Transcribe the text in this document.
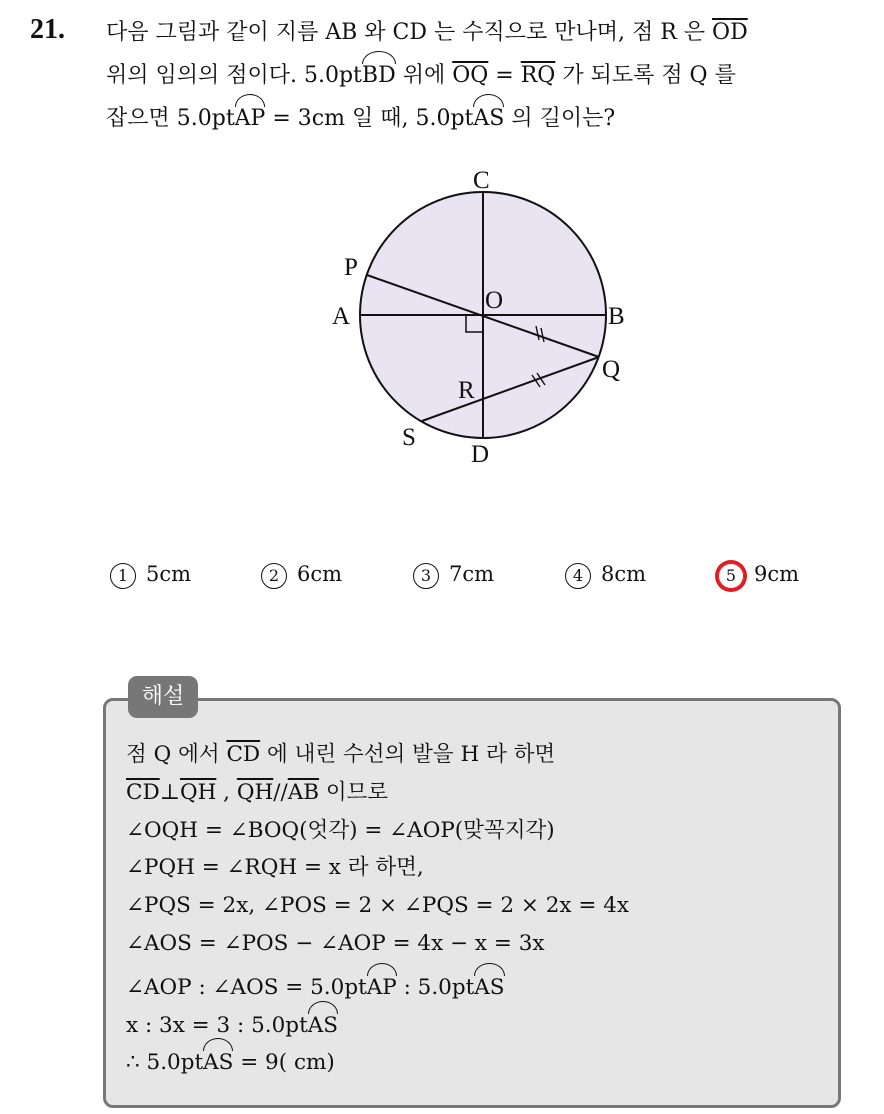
21. 다음 그림과 같이 지름 AB 와 CD 는 수직으로 만나며, 점 R 은 $\overline{OD}$
위의 임의의 점이다. 5.0ptBD 위에 $\overline{OQ} = \overline{RQ}$ 가 되도록 점 Q 를
잡으면 5.0ptAP = 3cm 일 때, 5.0ptAS 의 길이는?
C
D
A	B
P
Q
R
S
O
1 5cm	2 6cm	3 7cm	4 8cm	5 9cm
해설
점 Q 에서 $\overline{CD}$ 에 내린 수선의 발을 H 라 하면
$\overline{CD}\perp\overline{QH}$ , $\overline{QH}//\overline{AB}$ 이므로
∠OQH = ∠BOQ(엇각) = ∠AOP(맞꼭지각)
∠PQH = ∠RQH = x 라 하면,
∠PQS = 2x, ∠POS = 2 × ∠PQS = 2 × 2x = 4x
∠AOS = ∠POS − ∠AOP = 4x − x = 3x
∠AOP : ∠AOS = 5.0ptAP : 5.0ptAS
x : 3x = 3 : 5.0ptAS
∴ 5.0ptAS = 9( cm)
